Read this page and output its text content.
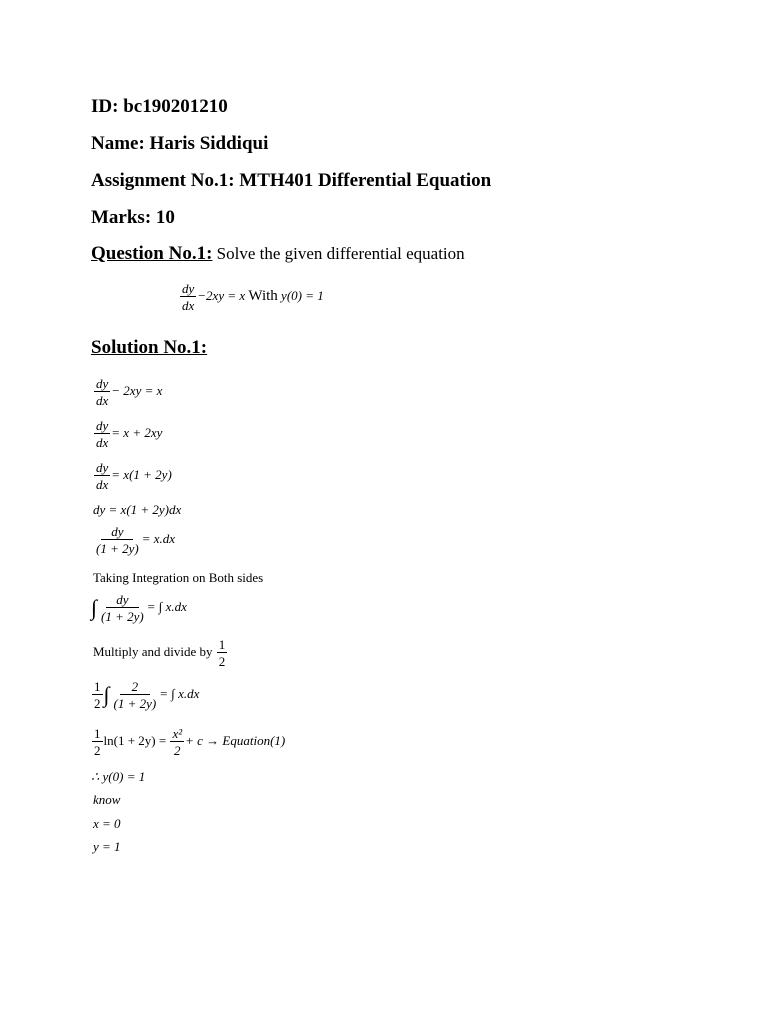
ID: bc190201210
Name: Haris Siddiqui
Assignment No.1: MTH401 Differential Equation
Marks: 10
Question No.1: Solve the given differential equation
$\frac{dy}{dx} -2xy = x$ With y(0) = 1
Solution No.1:
$\frac{dy}{dx} - 2xy = x$
$\frac{dy}{dx} = x + 2xy$
$\frac{dy}{dx} = x(1 + 2y)$
dy = x(1 + 2y)dx
$\frac{dy}{(1 + 2y)} = x.dx$
Taking Integration on Both sides
∫ $\frac{dy}{(1 + 2y)}$ = ∫ x.dx
Multiply and divide by $\frac{1}{2}$
$\frac{1}{2}$ ∫ $\frac{2}{(1 + 2y)}$ = ∫ x.dx
$\frac{1}{2} \ln(1 + 2y) = \frac{\text{x²}}{2} + c$ → Equation(1)
∴ y(0) = 1
know
x = 0
y = 1
